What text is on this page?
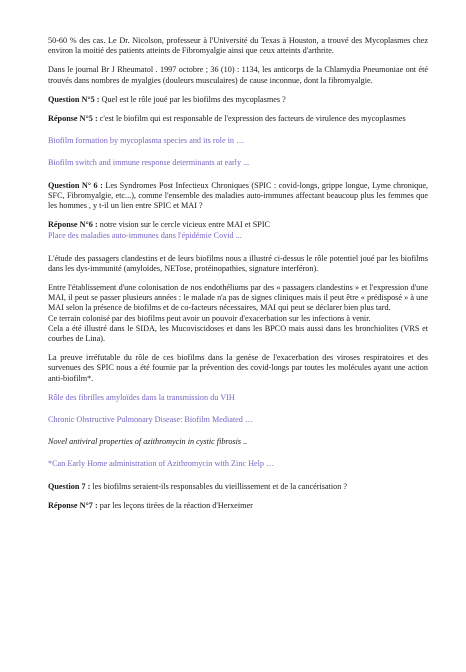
50-60 % des cas. Le Dr. Nicolson, professeur à l'Université du Texas à Houston, a trouvé des Mycoplasmes chez environ la moitié des patients atteints de Fibromyalgie ainsi que ceux atteints d'arthrite.

Dans le journal Br J Rheumatol . 1997 octobre ; 36 (10) : 1134, les anticorps de la Chlamydia Pneumoniae ont été trouvés dans nombres de myalgies (douleurs musculaires) de cause inconnue, dont la fibromyalgie.

Question N°5 : Quel est le rôle joué par les biofilms des mycoplasmes ?

Réponse N°5 : c'est le biofilm qui est responsable de l'expression des facteurs de virulence des mycoplasmes

Biofilm formation by mycoplasma species and its role in …

Biofilm switch and immune response determinants at early ...

Question N° 6 : Les Syndromes Post Infectieux Chroniques (SPIC : covid-longs, grippe longue, Lyme chronique, SFC, Fibromyalgie, etc...), comme l'ensemble des maladies auto-immunes affectant beaucoup plus les femmes que les hommes , y t-il un lien entre SPIC et MAI ?

Réponse N°6 : notre vision sur le cercle vicieux entre MAI et SPIC

Place des maladies auto-immunes dans l'épidémie Covid ...

L'étude des passagers clandestins et de leurs biofilms nous a illustré ci-dessus le rôle potentiel joué par les biofilms dans les dys-immunité (amyloïdes, NETose, protéinopathies, signature interféron).

Entre l'établissement d'une colonisation de nos endothéliums par des « passagers clandestins » et l'expression d'une MAI, il peut se passer plusieurs années : le malade n'a pas de signes cliniques mais il peut être « prédisposé » à une MAI selon la présence de biofilms et de co-facteurs nécessaires, MAI qui peut se déclarer bien plus tard.
Ce terrain colonisé par des biofilms peut avoir un pouvoir d'exacerbation sur les infections à venir.
Cela a été illustré dans le SIDA, les Mucoviscidoses et dans les BPCO mais aussi dans les bronchiolites (VRS et courbes de Lina).

La preuve irréfutable du rôle de ces biofilms dans la genèse de l'exacerbation des viroses respiratoires et des survenues des SPIC nous a été fournie par la prévention des covid-longs par toutes les molécules ayant une action anti-biofilm*.

Rôle des fibrilles amyloïdes dans la transmission du VIH

Chronic Obstructive Pulmonary Disease: Biofilm Mediated …

Novel antiviral properties of azithromycin in cystic fibrosis ..

*Can Early Home administration of Azithromycin with Zinc Help …

Question 7 : les biofilms seraient-ils responsables du vieillissement et de la cancérisation ?

Réponse N°7 : par les leçons tirées de la réaction d'Herxeimer
